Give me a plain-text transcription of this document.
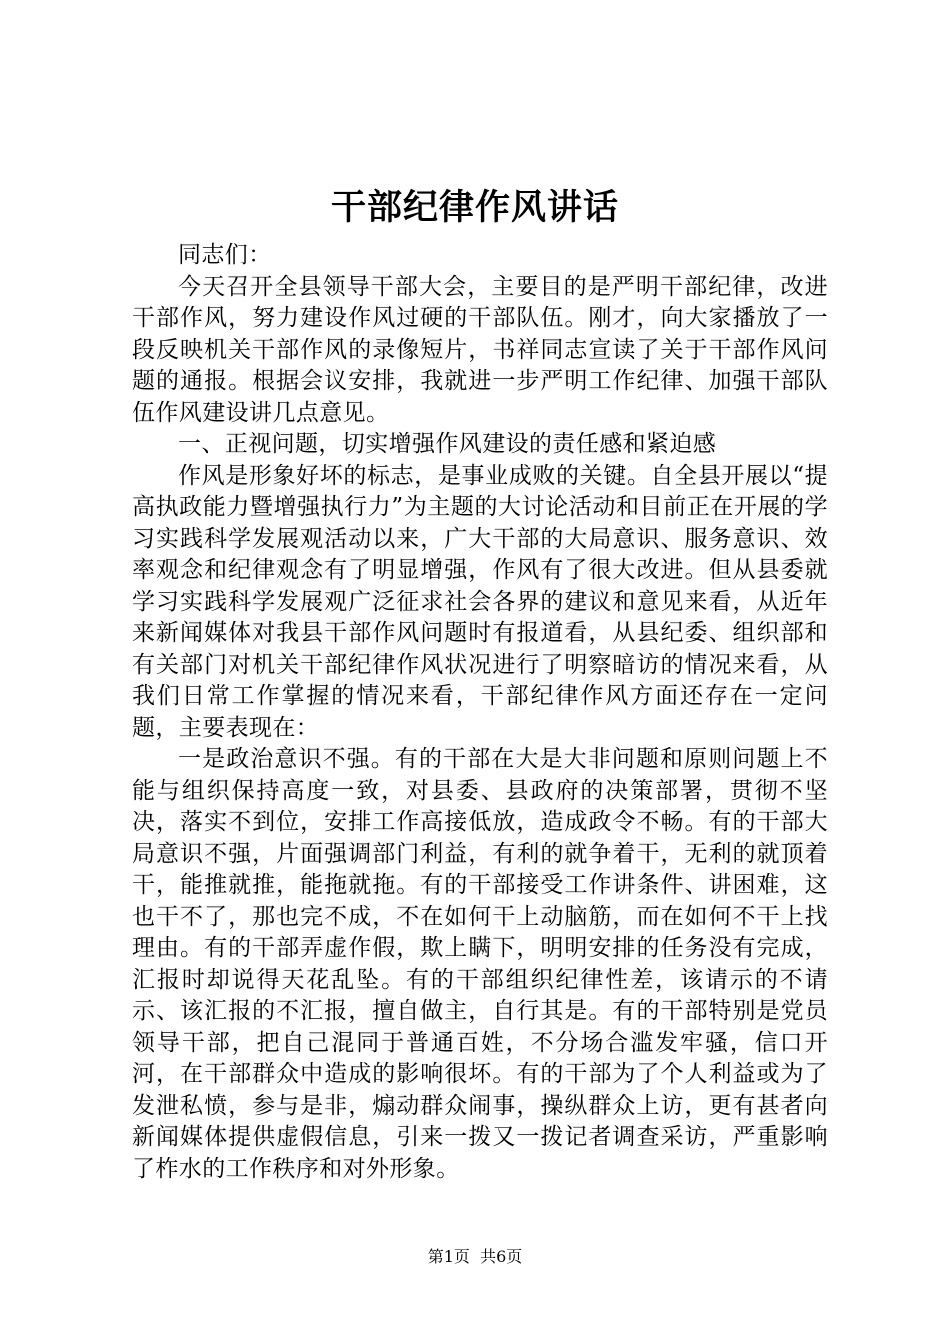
干部纪律作风讲话

同志们：

今天召开全县领导干部大会，主要目的是严明干部纪律，改进干部作风，努力建设作风过硬的干部队伍。刚才，向大家播放了一段反映机关干部作风的录像短片，书祥同志宣读了关于干部作风问题的通报。根据会议安排，我就进一步严明工作纪律、加强干部队伍作风建设讲几点意见。

一、正视问题，切实增强作风建设的责任感和紧迫感

作风是形象好坏的标志，是事业成败的关键。自全县开展以“提高执政能力暨增强执行力”为主题的大讨论活动和目前正在开展的学习实践科学发展观活动以来，广大干部的大局意识、服务意识、效率观念和纪律观念有了明显增强，作风有了很大改进。但从县委就学习实践科学发展观广泛征求社会各界的建议和意见来看，从近年来新闻媒体对我县干部作风问题时有报道看，从县纪委、组织部和有关部门对机关干部纪律作风状况进行了明察暗访的情况来看，从我们日常工作掌握的情况来看，干部纪律作风方面还存在一定问题，主要表现在：

一是政治意识不强。有的干部在大是大非问题和原则问题上不能与组织保持高度一致，对县委、县政府的决策部署，贯彻不坚决，落实不到位，安排工作高接低放，造成政令不畅。有的干部大局意识不强，片面强调部门利益，有利的就争着干，无利的就顶着干，能推就推，能拖就拖。有的干部接受工作讲条件、讲困难，这也干不了，那也完不成，不在如何干上动脑筋，而在如何不干上找理由。有的干部弄虚作假，欺上瞒下，明明安排的任务没有完成，汇报时却说得天花乱坠。有的干部组织纪律性差，该请示的不请示、该汇报的不汇报，擅自做主，自行其是。有的干部特别是党员领导干部，把自己混同于普通百姓，不分场合滥发牢骚，信口开河，在干部群众中造成的影响很坏。有的干部为了个人利益或为了发泄私愤，参与是非，煽动群众闹事，操纵群众上访，更有甚者向新闻媒体提供虚假信息，引来一拨又一拨记者调查采访，严重影响了柞水的工作秩序和对外形象。

第1页 共6页
